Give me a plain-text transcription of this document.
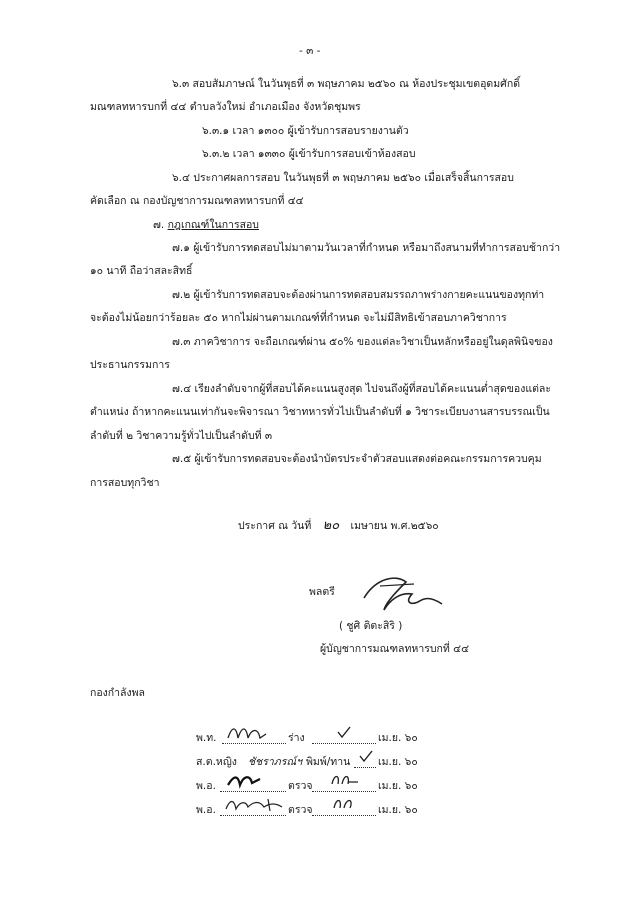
- ๓ -
๖.๓ สอบสัมภาษณ์ ในวันพุธที่ ๓ พฤษภาคม ๒๕๖๐ ณ ห้องประชุมเขตอุดมศักดิ์
มณฑลทหารบกที่ ๔๔ ตำบลวังใหม่ อำเภอเมือง จังหวัดชุมพร
๖.๓.๑ เวลา ๑๓๐๐ ผู้เข้ารับการสอบรายงานตัว
๖.๓.๒ เวลา ๑๓๓๐ ผู้เข้ารับการสอบเข้าห้องสอบ
๖.๔ ประกาศผลการสอบ ในวันพุธที่ ๓ พฤษภาคม ๒๕๖๐ เมื่อเสร็จสิ้นการสอบ
คัดเลือก ณ กองบัญชาการมณฑลทหารบกที่ ๔๔
๗. กฎเกณฑ์ในการสอบ
๗.๑ ผู้เข้ารับการทดสอบไม่มาตามวันเวลาที่กำหนด หรือมาถึงสนามที่ทำการสอบช้ากว่า
๑๐ นาที ถือว่าสละสิทธิ์
๗.๒ ผู้เข้ารับการทดสอบจะต้องผ่านการทดสอบสมรรถภาพร่างกายคะแนนของทุกท่า
จะต้องไม่น้อยกว่าร้อยละ ๕๐ หากไม่ผ่านตามเกณฑ์ที่กำหนด จะไม่มีสิทธิเข้าสอบภาควิชาการ
๗.๓ ภาควิชาการ จะถือเกณฑ์ผ่าน ๕๐% ของแต่ละวิชาเป็นหลักหรืออยู่ในดุลพินิจของ
ประธานกรรมการ
๗.๔ เรียงลำดับจากผู้ที่สอบได้คะแนนสูงสุด ไปจนถึงผู้ที่สอบได้คะแนนต่ำสุดของแต่ละ
ตำแหน่ง ถ้าหากคะแนนเท่ากันจะพิจารณา วิชาทหารทั่วไปเป็นลำดับที่ ๑ วิชาระเบียบงานสารบรรณเป็น
ลำดับที่ ๒ วิชาความรู้ทั่วไปเป็นลำดับที่ ๓
๗.๕ ผู้เข้ารับการทดสอบจะต้องนำบัตรประจำตัวสอบแสดงต่อคณะกรรมการควบคุม
การสอบทุกวิชา
ประกาศ ณ วันที่ ๒๐ เมษายน พ.ศ.๒๕๖๐
พลตรี
( ชูศิ ติตะสิริ )
ผู้บัญชาการมณฑลทหารบกที่ ๔๔
กองกำลังพล
พ.ท.	ร่าง	เม.ย. ๖๐
ส.ต.หญิง ชัชราภรณ์ฯ พิมพ์/ทาน	เม.ย. ๖๐
พ.อ.	ตรวจ	เม.ย. ๖๐
พ.อ.	ตรวจ	เม.ย. ๖๐
